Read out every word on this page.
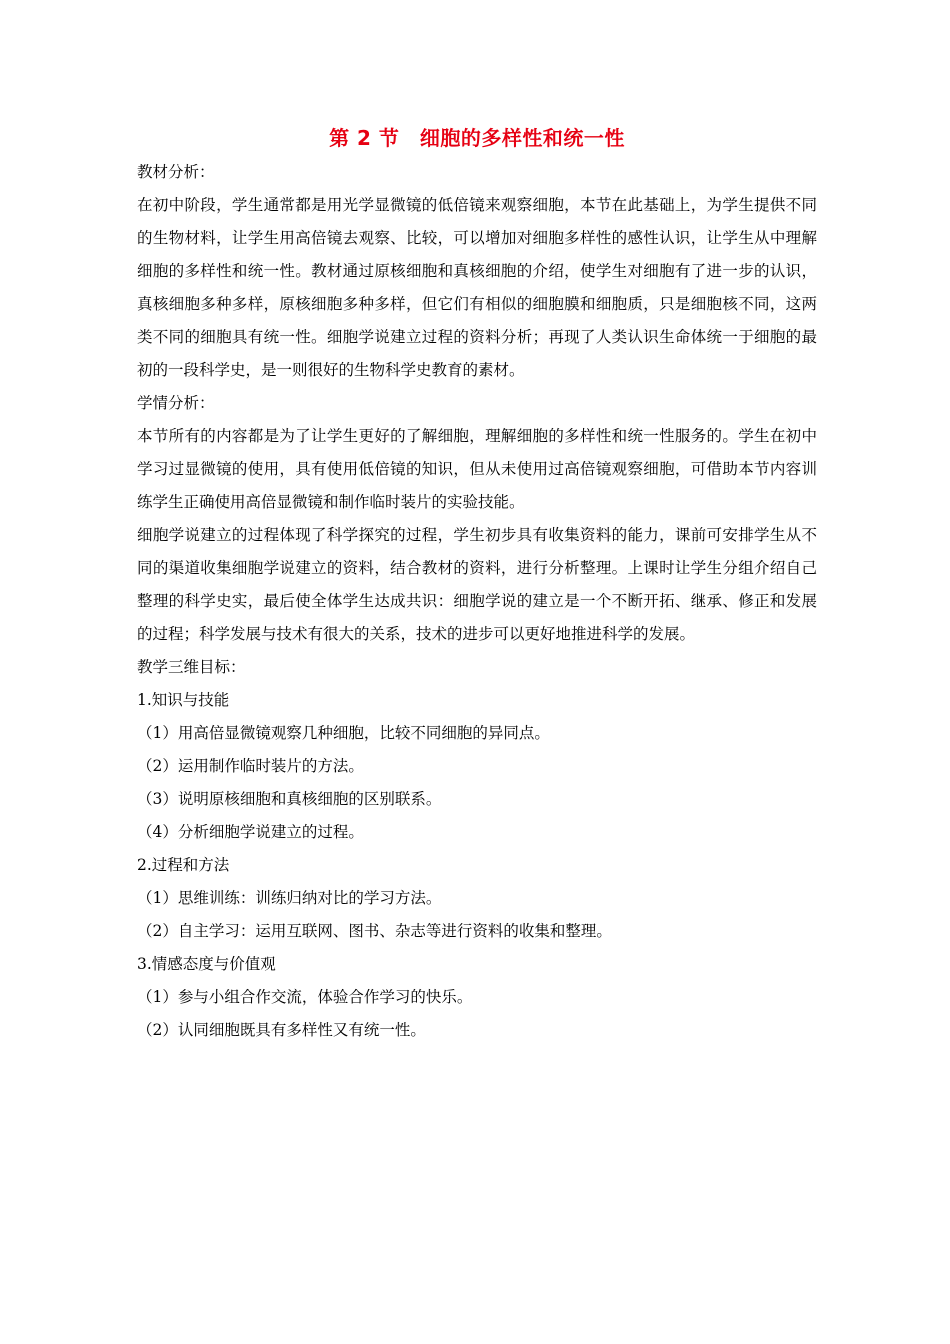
第 2 节　细胞的多样性和统一性

教材分析：

在初中阶段，学生通常都是用光学显微镜的低倍镜来观察细胞，本节在此基础上，为学生提供不同的生物材料，让学生用高倍镜去观察、比较，可以增加对细胞多样性的感性认识，让学生从中理解细胞的多样性和统一性。教材通过原核细胞和真核细胞的介绍，使学生对细胞有了进一步的认识，真核细胞多种多样，原核细胞多种多样，但它们有相似的细胞膜和细胞质，只是细胞核不同，这两类不同的细胞具有统一性。细胞学说建立过程的资料分析；再现了人类认识生命体统一于细胞的最初的一段科学史，是一则很好的生物科学史教育的素材。

学情分析：

本节所有的内容都是为了让学生更好的了解细胞，理解细胞的多样性和统一性服务的。学生在初中学习过显微镜的使用，具有使用低倍镜的知识，但从未使用过高倍镜观察细胞，可借助本节内容训练学生正确使用高倍显微镜和制作临时装片的实验技能。

细胞学说建立的过程体现了科学探究的过程，学生初步具有收集资料的能力，课前可安排学生从不同的渠道收集细胞学说建立的资料，结合教材的资料，进行分析整理。上课时让学生分组介绍自己整理的科学史实，最后使全体学生达成共识：细胞学说的建立是一个不断开拓、继承、修正和发展的过程；科学发展与技术有很大的关系，技术的进步可以更好地推进科学的发展。

教学三维目标：

1.知识与技能

（1）用高倍显微镜观察几种细胞，比较不同细胞的异同点。

（2）运用制作临时装片的方法。

（3）说明原核细胞和真核细胞的区别联系。

（4）分析细胞学说建立的过程。

2.过程和方法

（1）思维训练：训练归纳对比的学习方法。

（2）自主学习：运用互联网、图书、杂志等进行资料的收集和整理。

3.情感态度与价值观

（1）参与小组合作交流，体验合作学习的快乐。

（2）认同细胞既具有多样性又有统一性。
